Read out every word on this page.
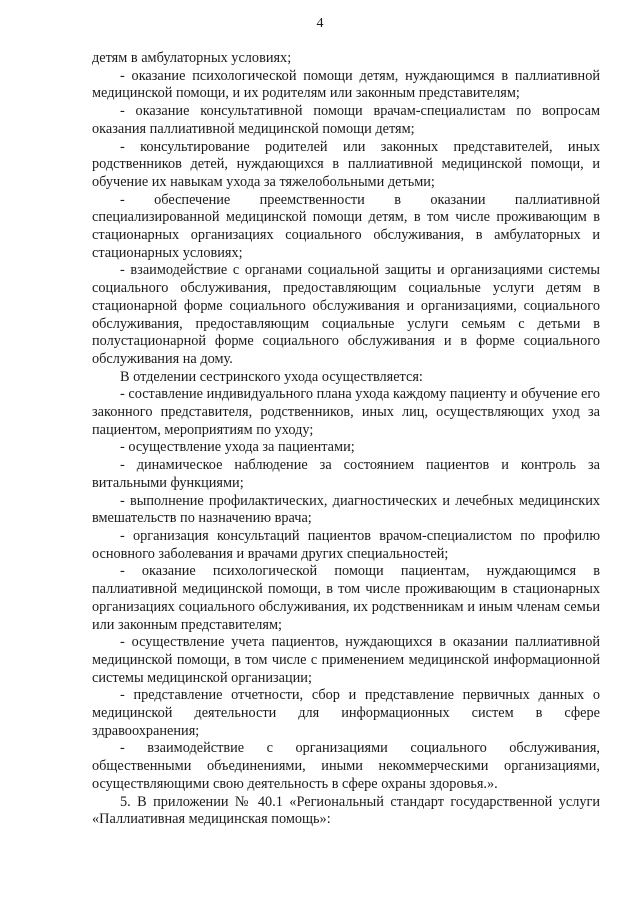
4

детям в амбулаторных условиях;

- оказание психологической помощи детям, нуждающимся в паллиативной медицинской помощи, и их родителям или законным представителям;

- оказание консультативной помощи врачам-специалистам по вопросам оказания паллиативной медицинской помощи детям;

- консультирование родителей или законных представителей, иных родственников детей, нуждающихся в паллиативной медицинской помощи, и обучение их навыкам ухода за тяжелобольными детьми;

- обеспечение преемственности в оказании паллиативной специализированной медицинской помощи детям, в том числе проживающим в стационарных организациях социального обслуживания, в амбулаторных и стационарных условиях;

- взаимодействие с органами социальной защиты и организациями системы социального обслуживания, предоставляющим социальные услуги детям в стационарной форме социального обслуживания и организациями, социального обслуживания, предоставляющим социальные услуги семьям с детьми в полустационарной форме социального обслуживания и в форме социального обслуживания на дому.

В отделении сестринского ухода осуществляется:

- составление индивидуального плана ухода каждому пациенту и обучение его законного представителя, родственников, иных лиц, осуществляющих уход за пациентом, мероприятиям по уходу;

- осуществление ухода за пациентами;

- динамическое наблюдение за состоянием пациентов и контроль за витальными функциями;

- выполнение профилактических, диагностических и лечебных медицинских вмешательств по назначению врача;

- организация консультаций пациентов врачом-специалистом по профилю основного заболевания и врачами других специальностей;

- оказание психологической помощи пациентам, нуждающимся в паллиативной медицинской помощи, в том числе проживающим в стационарных организациях социального обслуживания, их родственникам и иным членам семьи или законным представителям;

- осуществление учета пациентов, нуждающихся в оказании паллиативной медицинской помощи, в том числе с применением медицинской информационной системы медицинской организации;

- представление отчетности, сбор и представление первичных данных о медицинской деятельности для информационных систем в сфере здравоохранения;

- взаимодействие с организациями социального обслуживания, общественными объединениями, иными некоммерческими организациями, осуществляющими свою деятельность в сфере охраны здоровья.».

5. В приложении № 40.1 «Региональный стандарт государственной услуги «Паллиативная медицинская помощь»:
